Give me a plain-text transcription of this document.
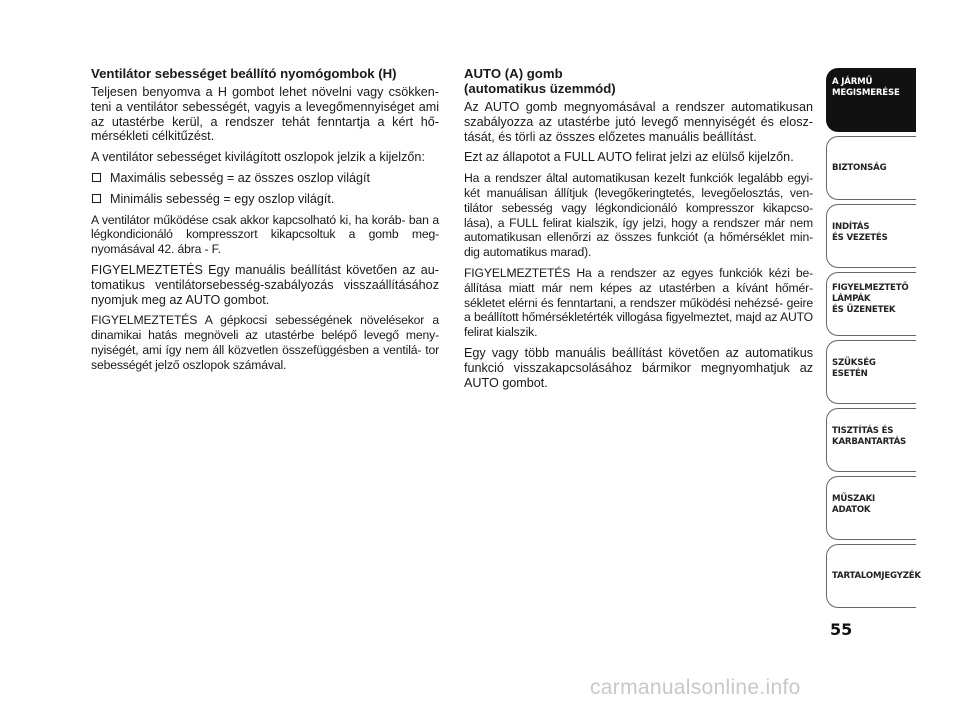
Ventilátor sebességet beállító nyomógombok (H)

Teljesen benyomva a H gombot lehet növelni vagy csökken- teni a ventilátor sebességét, vagyis a levegőmennyiséget ami az utastérbe kerül, a rendszer tehát fenntartja a kért hő- mérsékleti célkitűzést.

A ventilátor sebességet kivilágított oszlopok jelzik a kijelzőn:

Maximális sebesség = az összes oszlop világít

Minimális sebesség = egy oszlop világít.

A ventilátor működése csak akkor kapcsolható ki, ha koráb- ban a légkondicionáló kompresszort kikapcsoltuk a gomb meg- nyomásával 42. ábra - F.

FIGYELMEZTETÉS Egy manuális beállítást követően az au- tomatikus ventilátorsebesség-szabályozás visszaállításához nyomjuk meg az AUTO gombot.

FIGYELMEZTETÉS A gépkocsi sebességének növelésekor a dinamikai hatás megnöveli az utastérbe belépő levegő meny- nyiségét, ami így nem áll közvetlen összefüggésben a ventilá- tor sebességét jelző oszlopok számával.

AUTO (A) gomb
(automatikus üzemmód)

Az AUTO gomb megnyomásával a rendszer automatikusan szabályozza az utastérbe jutó levegő mennyiségét és elosz- tását, és törli az összes előzetes manuális beállítást.

Ezt az állapotot a FULL AUTO felirat jelzi az elülső kijelzőn.

Ha a rendszer által automatikusan kezelt funkciók legalább egyi- két manuálisan állítjuk (levegőkeringtetés, levegőelosztás, ven- tilátor sebesség vagy légkondicionáló kompresszor kikapcso- lása), a FULL felirat kialszik, így jelzi, hogy a rendszer már nem automatikusan ellenőrzi az összes funkciót (a hőmérséklet min- dig automatikus marad).

FIGYELMEZTETÉS Ha a rendszer az egyes funkciók kézi be- állítása miatt már nem képes az utastérben a kívánt hőmér- sékletet elérni és fenntartani, a rendszer működési nehézsé- geire a beállított hőmérsékletérték villogása figyelmeztet, majd az AUTO felirat kialszik.

Egy vagy több manuális beállítást követően az automatikus funkció visszakapcsolásához bármikor megnyomhatjuk az AUTO gombot.

A JÁRMŰ
MEGISMERÉSE
BIZTONSÁG
INDÍTÁS
ÉS VEZETÉS
FIGYELMEZTETŐ
LÁMPÁK
ÉS ÜZENETEK
SZÜKSÉG
ESETÉN
TISZTÍTÁS ÉS
KARBANTARTÁS
MŰSZAKI
ADATOK
TARTALOMJEGYZÉK
55
carmanualsonline.info
